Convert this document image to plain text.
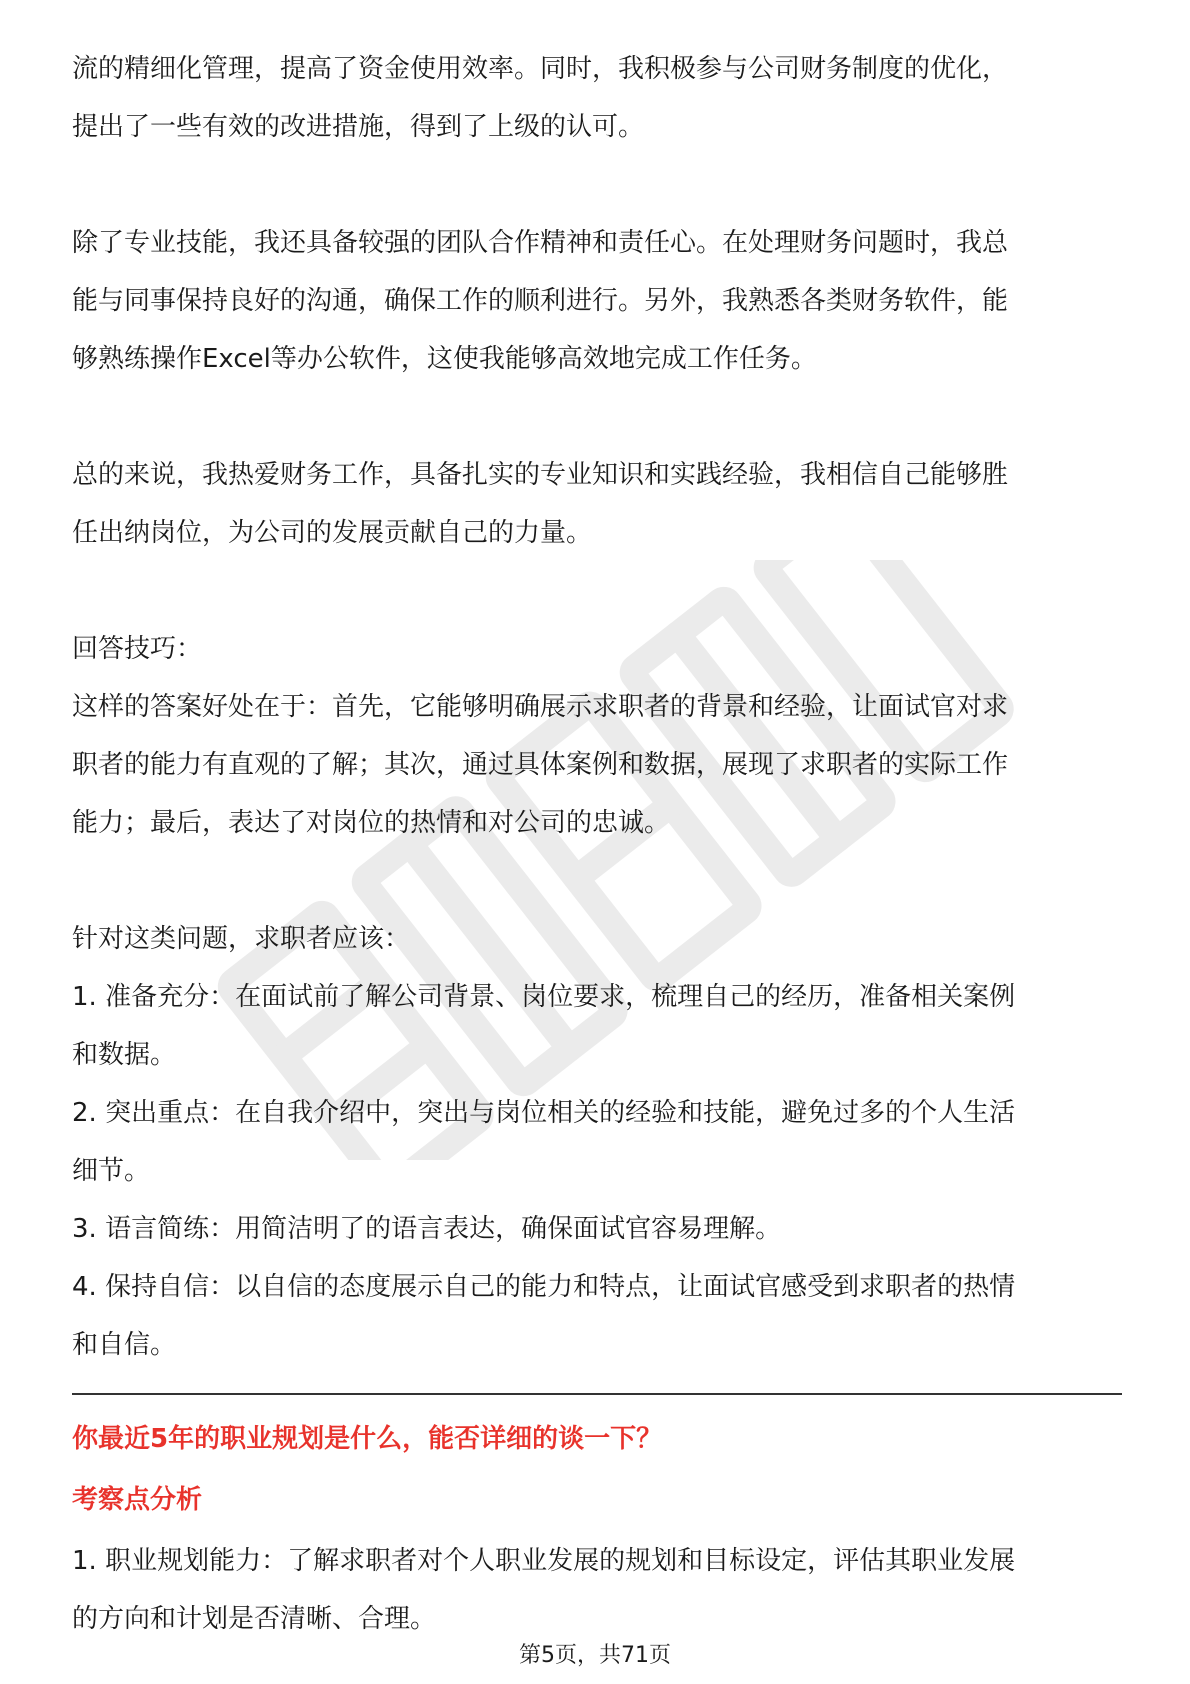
流的精细化管理，提高了资金使用效率。同时，我积极参与公司财务制度的优化，
提出了一些有效的改进措施，得到了上级的认可。

除了专业技能，我还具备较强的团队合作精神和责任心。在处理财务问题时，我总
能与同事保持良好的沟通，确保工作的顺利进行。另外，我熟悉各类财务软件，能
够熟练操作Excel等办公软件，这使我能够高效地完成工作任务。

总的来说，我热爱财务工作，具备扎实的专业知识和实践经验，我相信自己能够胜
任出纳岗位，为公司的发展贡献自己的力量。

回答技巧：

这样的答案好处在于：首先，它能够明确展示求职者的背景和经验，让面试官对求
职者的能力有直观的了解；其次，通过具体案例和数据，展现了求职者的实际工作
能力；最后，表达了对岗位的热情和对公司的忠诚。

针对这类问题，求职者应该：

1. 准备充分：在面试前了解公司背景、岗位要求，梳理自己的经历，准备相关案例
和数据。

2. 突出重点：在自我介绍中，突出与岗位相关的经验和技能，避免过多的个人生活
细节。

3. 语言简练：用简洁明了的语言表达，确保面试官容易理解。

4. 保持自信：以自信的态度展示自己的能力和特点，让面试官感受到求职者的热情
和自信。

你最近5年的职业规划是什么，能否详细的谈一下？

考察点分析

1. 职业规划能力：了解求职者对个人职业发展的规划和目标设定，评估其职业发展
的方向和计划是否清晰、合理。

第5页，共71页
